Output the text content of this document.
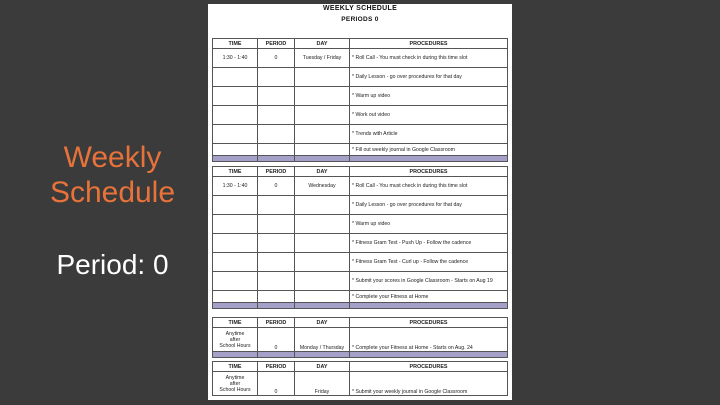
Weekly
Schedule
Period: 0
WEEKLY SCHEDULE
PERIODS 0
TIME	PERIOD	DAY	PROCEDURES
1:30 - 1:40	0	Tuesday / Friday	* Roll Call - You must check in during this time slot
			* Daily Lesson - go over procedures for that day
			* Warm up video
			* Work out video
			* Trends with Article
			* Fill out weekly journal in Google Classroom

TIME	PERIOD	DAY	PROCEDURES
1:30 - 1:40	0	Wednesday	* Roll Call - You must check in during this time slot
			* Daily Lesson - go over procedures for that day
			* Warm up video
			* Fitness Gram Test - Push Up - Follow the cadence
			* Fitness Gram Test - Curl up - Follow the cadence
			* Submit your scores in Google Classroom - Starts on Aug 19
			* Complete your Fitness at Home

TIME	PERIOD	DAY	PROCEDURES

Anytime
after
School Hours	0	Monday / Thursday	* Complete your Fitness at Home - Starts on Aug. 24

TIME	PERIOD	DAY	PROCEDURES

Anytime
after
School Hours	0	Friday	* Submit your weekly journal in Google Classroom
